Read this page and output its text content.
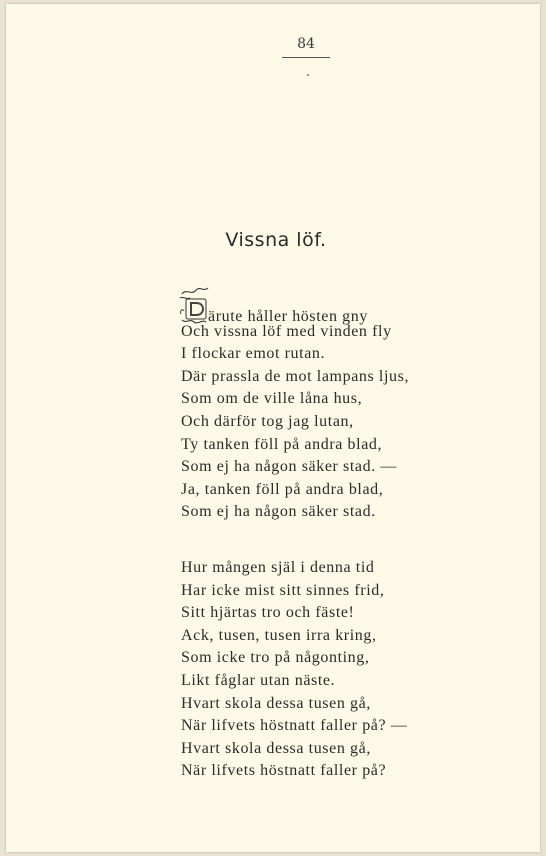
84
Vissna löf.
ärute håller hösten gny
Och vissna löf med vinden fly
I flockar emot rutan.
Där prassla de mot lampans ljus,
Som om de ville låna hus,
Och därför tog jag lutan,
Ty tanken föll på andra blad,
Som ej ha någon säker stad. —
Ja, tanken föll på andra blad,
Som ej ha någon säker stad.
Hur mången själ i denna tid
Har icke mist sitt sinnes frid,
Sitt hjärtas tro och fäste!
Ack, tusen, tusen irra kring,
Som icke tro på någonting,
Likt fåglar utan näste.
Hvart skola dessa tusen gå,
När lifvets höstnatt faller på? —
Hvart skola dessa tusen gå,
När lifvets höstnatt faller på?
